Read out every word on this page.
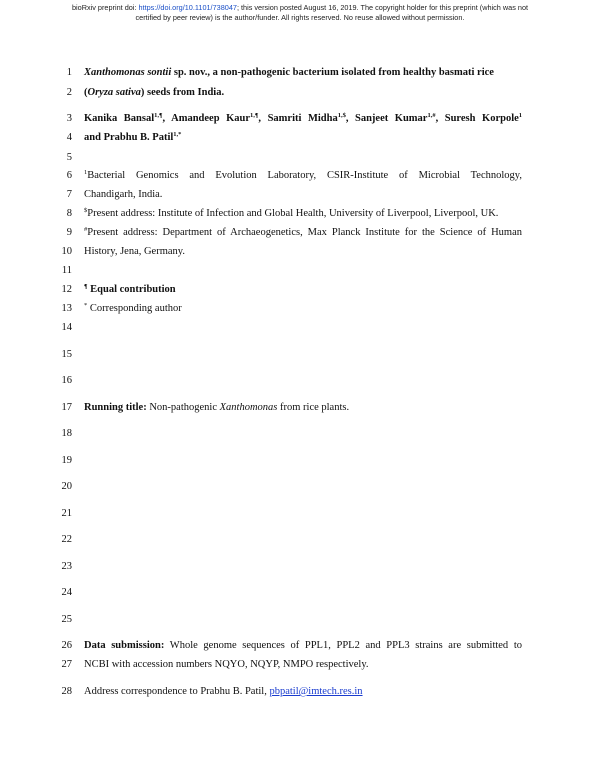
bioRxiv preprint doi: https://doi.org/10.1101/738047; this version posted August 16, 2019. The copyright holder for this preprint (which was not
certified by peer review) is the author/funder. All rights reserved. No reuse allowed without permission.
1
2
3
4
5
6
7
8
9
10
11
12
13
14
15
16
17
18
19
20
21
22
23
24
25
26
27
28
Xanthomonas sontii sp. nov., a non-pathogenic bacterium isolated from healthy basmati rice
(Oryza sativa) seeds from India.
Kanika Bansal$^{1,\P}$, Amandeep Kaur$^{1,\P}$, Samriti Midha$^{1,\$}$, Sanjeet Kumar$^{1,\#}$, Suresh Korpole$^1$
and Prabhu B. Patil$^{1,*}$
$^1$Bacterial Genomics and Evolution Laboratory, CSIR-Institute of Microbial Technology,
Chandigarh, India.
$Present address: Institute of Infection and Global Health, University of Liverpool, Liverpool, UK.
#Present address: Department of Archaeogenetics, Max Planck Institute for the Science of Human
History, Jena, Germany.
¶ Equal contribution
* Corresponding author
Running title: Non-pathogenic Xanthomonas from rice plants.
Data submission: Whole genome sequences of PPL1, PPL2 and PPL3 strains are submitted to
NCBI with accession numbers NQYO, NQYP, NMPO respectively.
Address correspondence to Prabhu B. Patil, pbpatil@imtech.res.in
